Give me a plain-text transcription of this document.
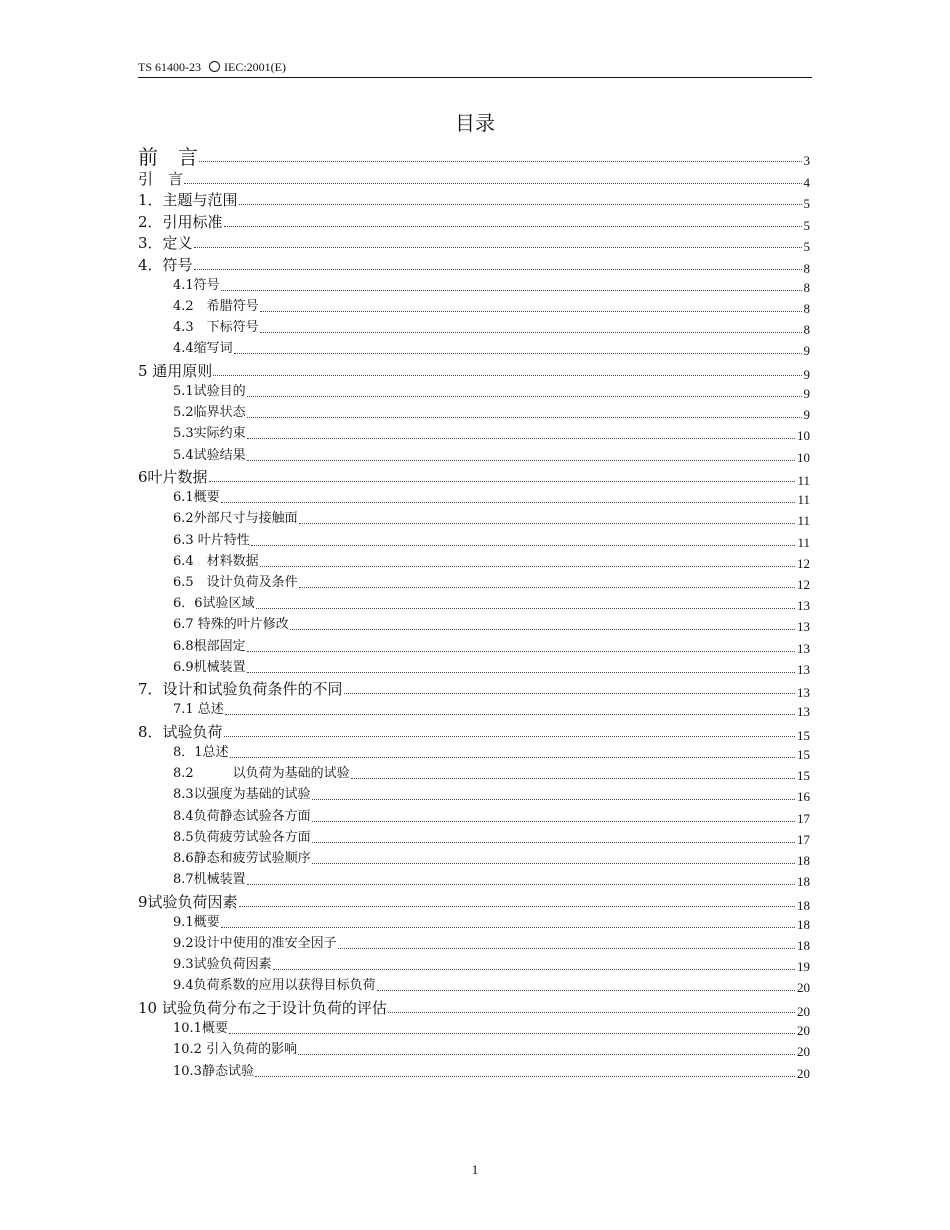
TS 61400-23 IEC:2001(E)
目录
前　言	3
引　言	4
1．主题与范围	5
2．引用标准	5
3．定义	5
4．符号	8
4.1符号	8
4.2　希腊符号	8
4.3　下标符号	8
4.4缩写词	9
5 通用原则	9
5.1试验目的	9
5.2临界状态	9
5.3实际约束	10
5.4试验结果	10
6叶片数据	11
6.1概要	11
6.2外部尺寸与接触面	11
6.3 叶片特性	11
6.4　材料数据	12
6.5　设计负荷及条件	12
6．6试验区域	13
6.7 特殊的叶片修改	13
6.8根部固定	13
6.9机械装置	13
7．设计和试验负荷条件的不同	13
7.1 总述	13
8．试验负荷	15
8．1总述	15
8.2　　　以负荷为基础的试验	15
8.3以强度为基础的试验	16
8.4负荷静态试验各方面	17
8.5负荷疲劳试验各方面	17
8.6静态和疲劳试验顺序	18
8.7机械装置	18
9试验负荷因素	18
9.1概要	18
9.2设计中使用的准安全因子	18
9.3试验负荷因素	19
9.4负荷系数的应用以获得目标负荷	20
10 试验负荷分布之于设计负荷的评估	20
10.1概要	20
10.2 引入负荷的影响	20
10.3静态试验	20
1
